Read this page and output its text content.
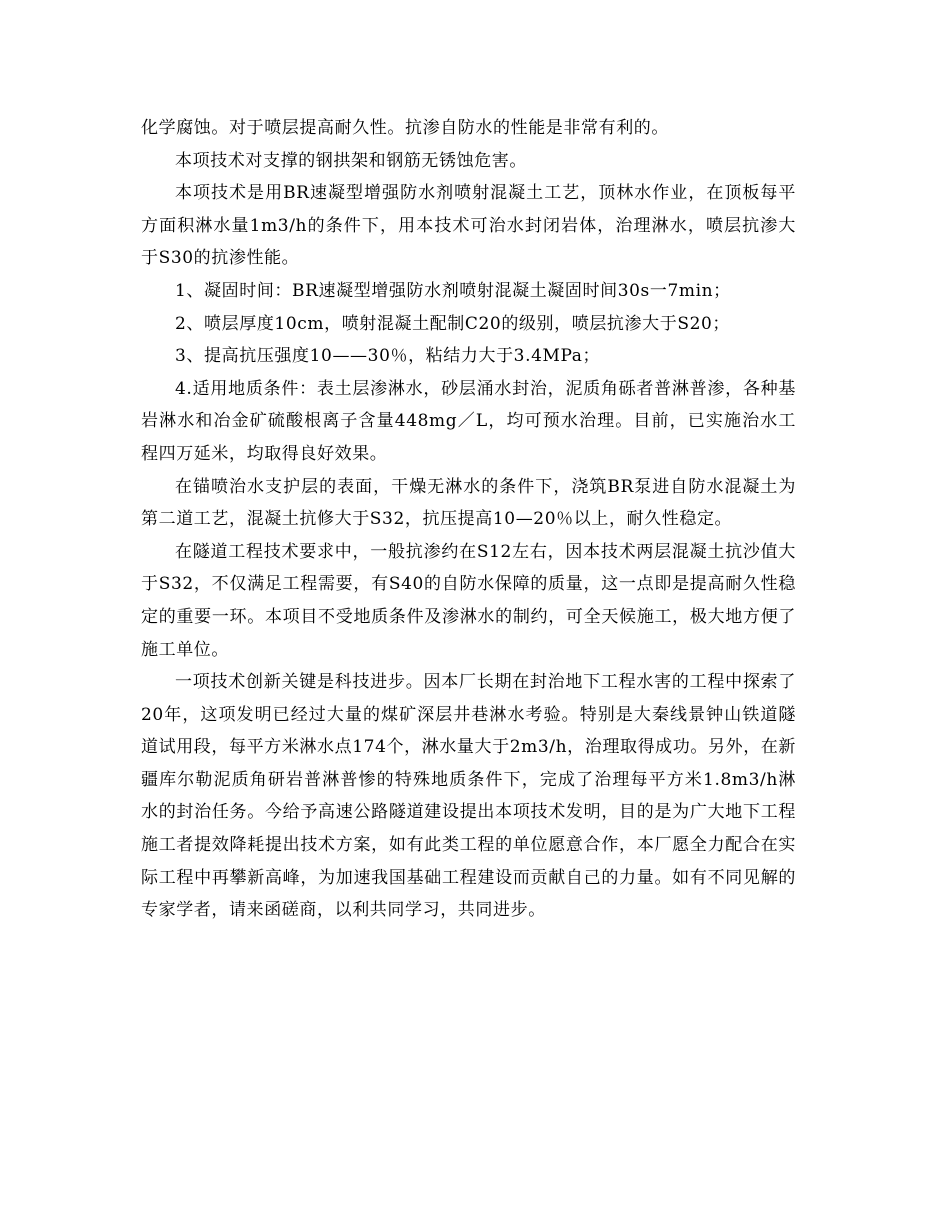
化学腐蚀。对于喷层提高耐久性。抗渗自防水的性能是非常有利的。

本项技术对支撑的钢拱架和钢筋无锈蚀危害。

本项技术是用BR速凝型增强防水剂喷射混凝土工艺，顶林水作业，在顶板每平方面积淋水量1m3/h的条件下，用本技术可治水封闭岩体，治理淋水，喷层抗渗大于S30的抗渗性能。

1、凝固时间：BR速凝型增强防水剂喷射混凝土凝固时间30s一7min；

2、喷层厚度10cm，喷射混凝土配制C20的级别，喷层抗渗大于S20；

3、提高抗压强度10——30％，粘结力大于3.4MPa；

4.适用地质条件：表土层渗淋水，砂层涌水封治，泥质角砾者普淋普渗，各种基岩淋水和冶金矿硫酸根离子含量448mg／L，均可预水治理。目前，已实施治水工程四万延米，均取得良好效果。

在锚喷治水支护层的表面，干燥无淋水的条件下，浇筑BR泵进自防水混凝土为第二道工艺，混凝土抗修大于S32，抗压提高10—20％以上，耐久性稳定。

在隧道工程技术要求中，一般抗渗约在S12左右，因本技术两层混凝土抗沙值大于S32，不仅满足工程需要，有S40的自防水保障的质量，这一点即是提高耐久性稳定的重要一环。本项目不受地质条件及渗淋水的制约，可全天候施工，极大地方便了施工单位。

一项技术创新关键是科技进步。因本厂长期在封治地下工程水害的工程中探索了20年，这项发明已经过大量的煤矿深层井巷淋水考验。特别是大秦线景钟山铁道隧道试用段，每平方米淋水点174个，淋水量大于2m3/h，治理取得成功。另外，在新疆库尔勒泥质角研岩普淋普惨的特殊地质条件下，完成了治理每平方米1.8m3/h淋水的封治任务。今给予高速公路隧道建设提出本项技术发明，目的是为广大地下工程施工者提效降耗提出技术方案，如有此类工程的单位愿意合作，本厂愿全力配合在实际工程中再攀新高峰，为加速我国基础工程建设而贡献自己的力量。如有不同见解的专家学者，请来函磋商，以利共同学习，共同进步。
